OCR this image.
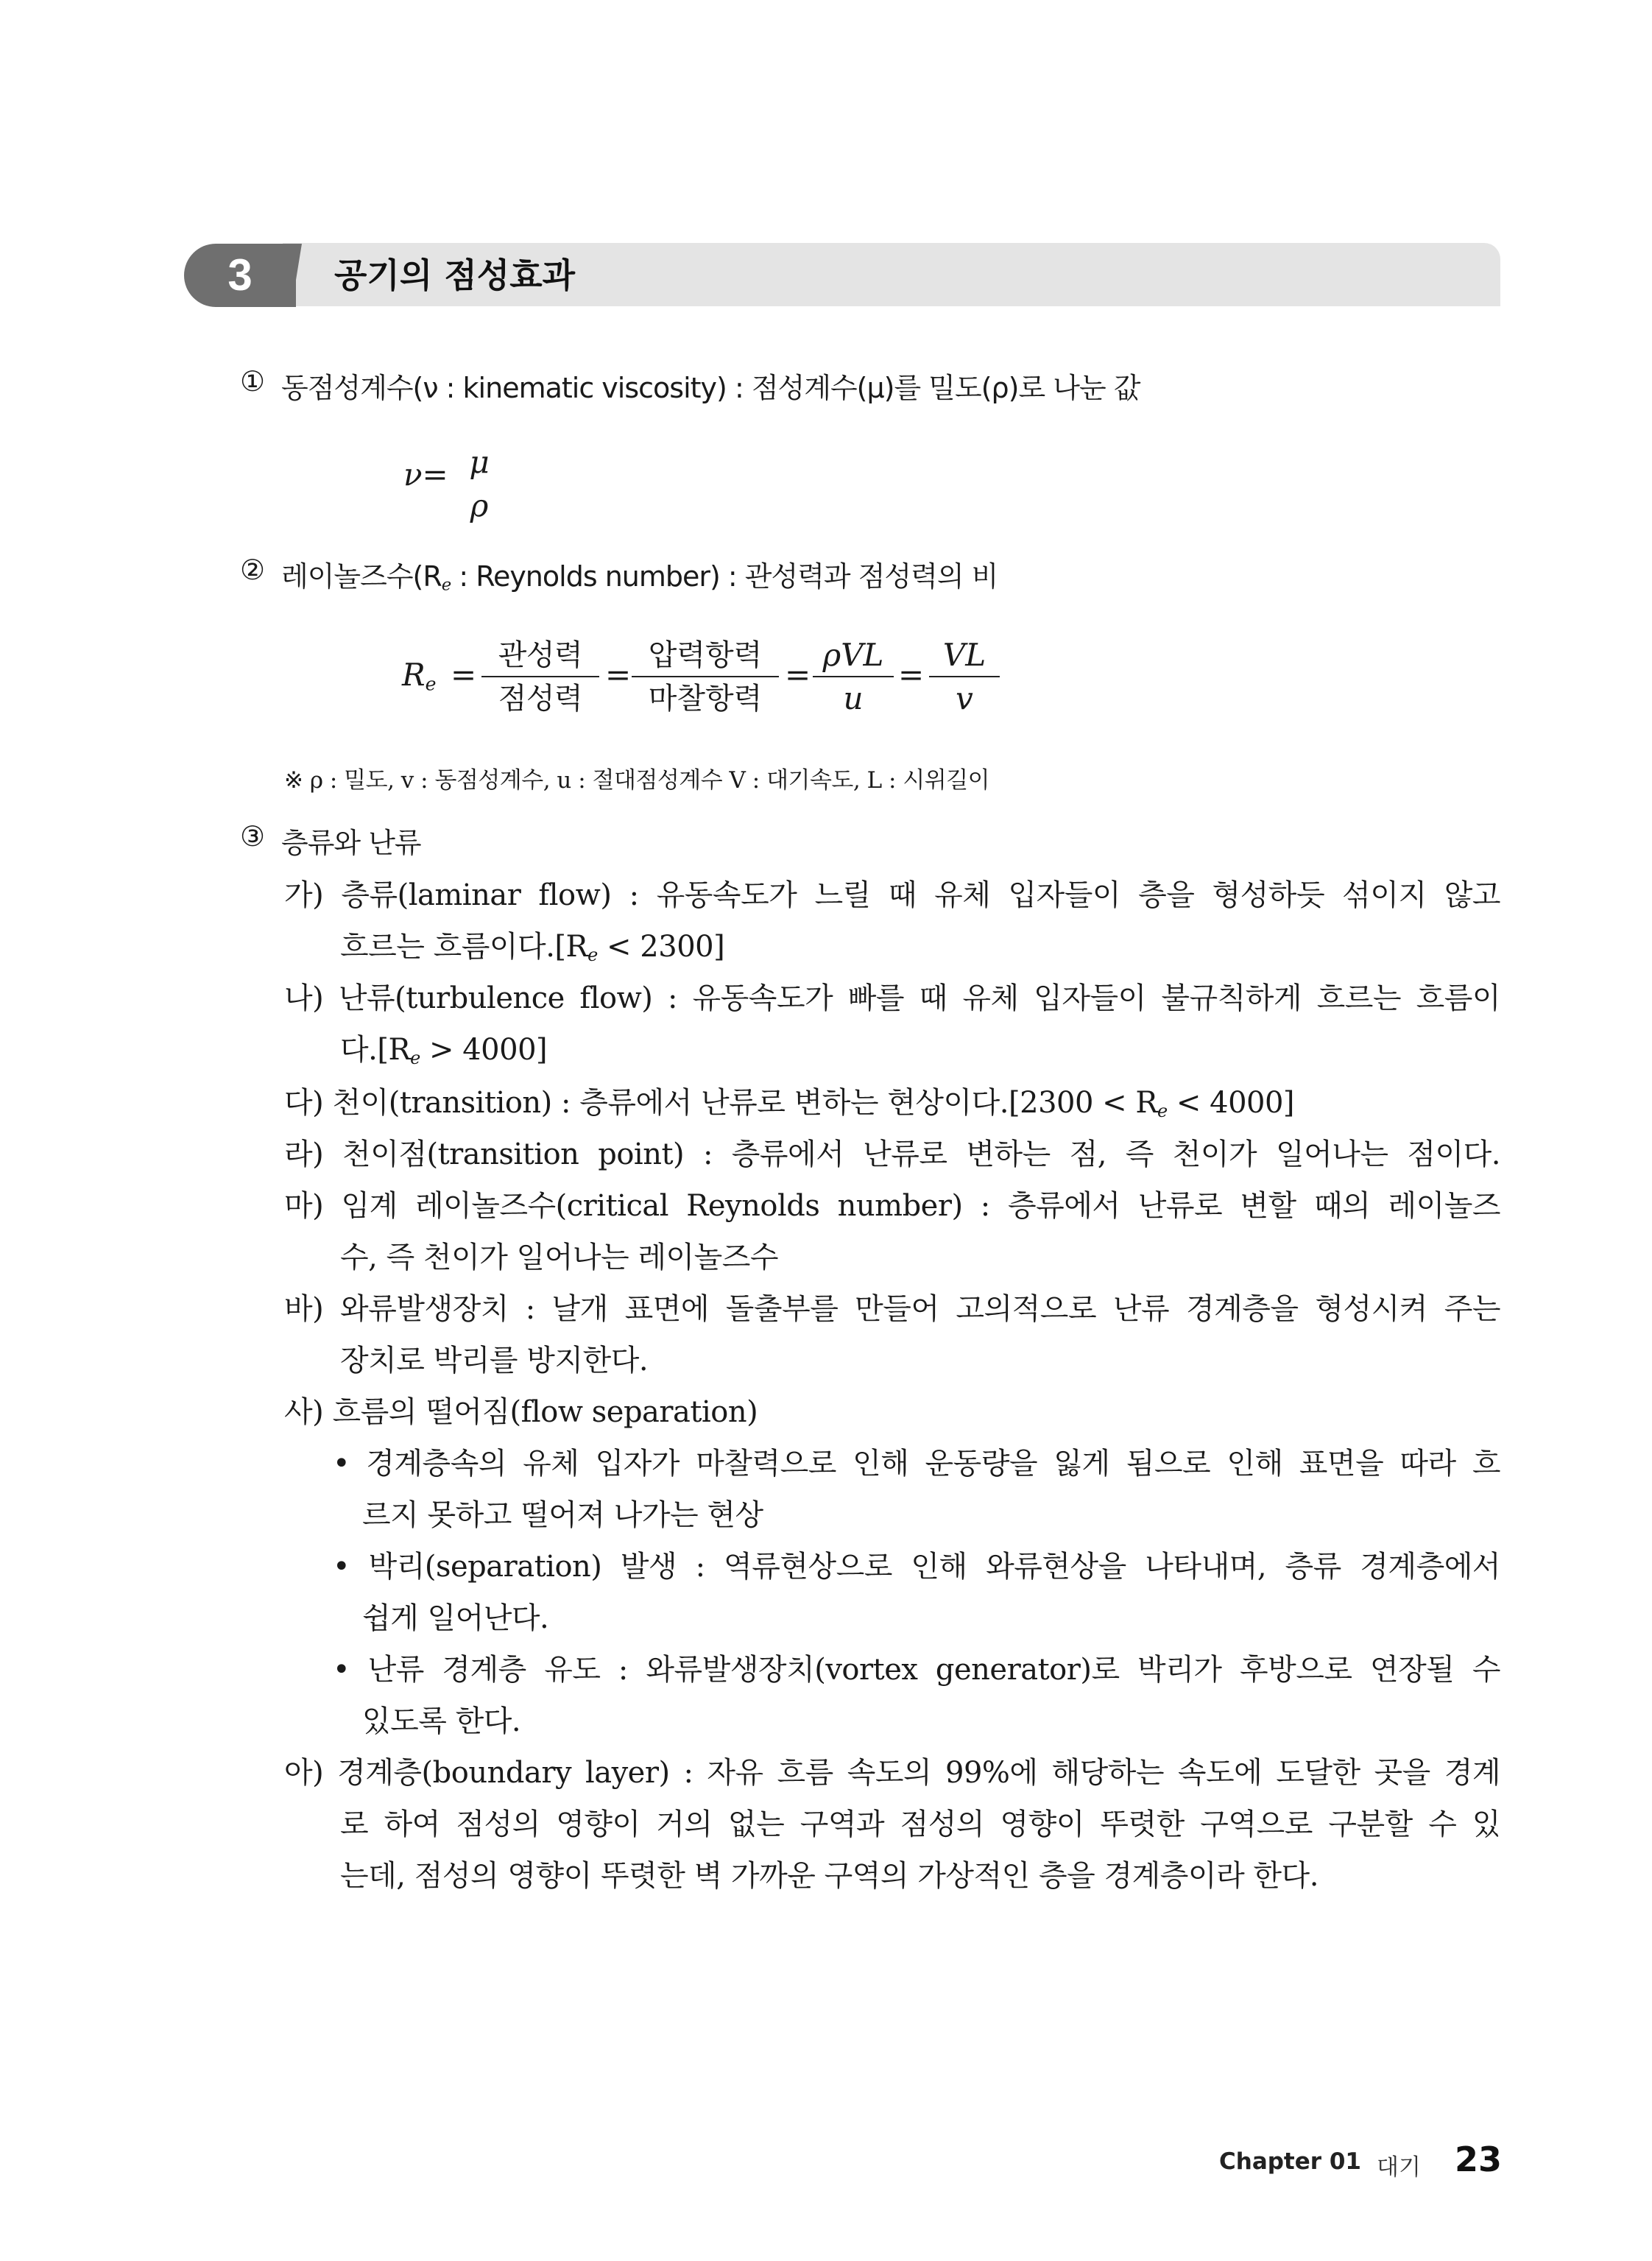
3	공기의 점성효과
① 동점성계수(ν : kinematic viscosity) : 점성계수(μ)를 밀도(ρ)로 나눈 값
ν= μ
ρ
② 레이놀즈수($R_e$ : Reynolds number) : 관성력과 점성력의 비
$R_e$ =
관성력
점성력
=
압력항력
마찰항력
=
ρVL
u
=
VL
v
※ ρ : 밀도, v : 동점성계수, u : 절대점성계수 V : 대기속도, L : 시위길이
③ 층류와 난류
가) 층류(laminar flow) : 유동속도가 느릴 때 유체 입자들이 층을 형성하듯 섞이지 않고
흐르는 흐름이다$.[R_e < 2300]$
나) 난류(turbulence flow) : 유동속도가 빠를 때 유체 입자들이 불규칙하게 흐르는 흐름이
다$.[R_e > 4000]$
다) 천이(transition) : 층류에서 난류로 변하는 현상이다$.[2300 < R_e < 4000]$
라) 천이점(transition point) : 층류에서 난류로 변하는 점, 즉 천이가 일어나는 점이다.
마) 임계 레이놀즈수(critical Reynolds number) : 층류에서 난류로 변할 때의 레이놀즈
수, 즉 천이가 일어나는 레이놀즈수
바) 와류발생장치 : 날개 표면에 돌출부를 만들어 고의적으로 난류 경계층을 형성시켜 주는
장치로 박리를 방지한다.
사) 흐름의 떨어짐(flow separation)
• 경계층속의 유체 입자가 마찰력으로 인해 운동량을 잃게 됨으로 인해 표면을 따라 흐
르지 못하고 떨어져 나가는 현상
• 박리(separation) 발생 : 역류현상으로 인해 와류현상을 나타내며, 층류 경계층에서
쉽게 일어난다.
• 난류 경계층 유도 : 와류발생장치(vortex generator)로 박리가 후방으로 연장될 수
있도록 한다.
아) 경계층(boundary layer) : 자유 흐름 속도의 99%에 해당하는 속도에 도달한 곳을 경계
로 하여 점성의 영향이 거의 없는 구역과 점성의 영향이 뚜렷한 구역으로 구분할 수 있
는데, 점성의 영향이 뚜렷한 벽 가까운 구역의 가상적인 층을 경계층이라 한다.
Chapter 01 대기 23
